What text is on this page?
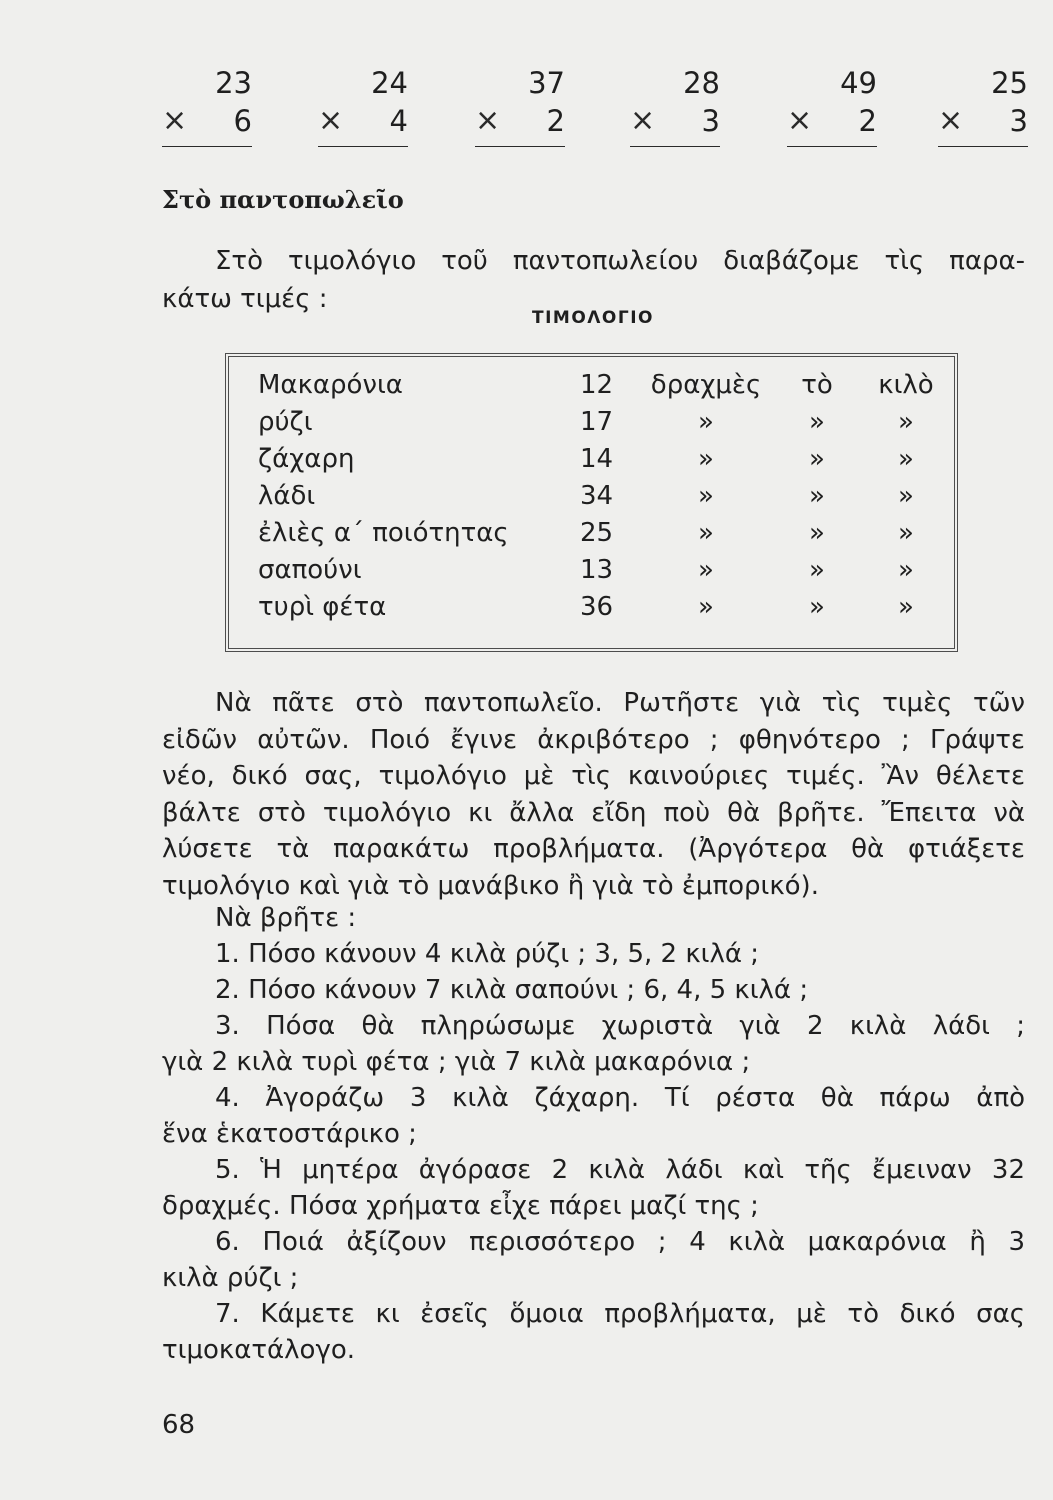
23
× 6
24
× 4
37
× 2
28
× 3
49
× 2
25
× 3
Στὸ παντοπωλεῖο
Στὸ τιμολόγιο τοῦ παντοπωλείου διαβάζομε τὶς παρα-
κάτω τιμές :
ΤΙΜΟΛΟΓΙΟ
Μακαρόνια	12	δραχμὲς	τὸ	κιλὸ
ρύζι	17	»	»	»
ζάχαρη	14	»	»	»
λάδι	34	»	»	»
ἐλιὲς α΄ ποιότητας	25	»	»	»
σαπούνι	13	»	»	»
τυρὶ φέτα	36	»	»	»
Νὰ πᾶτε στὸ παντοπωλεῖο. Ρωτῆστε γιὰ τὶς τιμὲς τῶν
εἰδῶν αὐτῶν. Ποιό ἔγινε ἀκριβότερο ; φθηνότερο ; Γράψτε
νέο, δικό σας, τιμολόγιο μὲ τὶς καινούριες τιμές. Ἂν θέλετε
βάλτε στὸ τιμολόγιο κι ἄλλα εἴδη ποὺ θὰ βρῆτε. Ἔπειτα νὰ
λύσετε τὰ παρακάτω προβλήματα. (Ἀργότερα θὰ φτιάξετε
τιμολόγιο καὶ γιὰ τὸ μανάβικο ἢ γιὰ τὸ ἐμπορικό).
Νὰ βρῆτε :
1. Πόσο κάνουν 4 κιλὰ ρύζι ; 3, 5, 2 κιλά ;
2. Πόσο κάνουν 7 κιλὰ σαπούνι ; 6, 4, 5 κιλά ;
3. Πόσα θὰ πληρώσωμε χωριστὰ γιὰ 2 κιλὰ λάδι ;
γιὰ 2 κιλὰ τυρὶ φέτα ; γιὰ 7 κιλὰ μακαρόνια ;
4. Ἀγοράζω 3 κιλὰ ζάχαρη. Τί ρέστα θὰ πάρω ἀπὸ
ἕνα ἑκατοστάρικο ;
5. Ἡ μητέρα ἀγόρασε 2 κιλὰ λάδι καὶ τῆς ἔμειναν 32
δραχμές. Πόσα χρήματα εἶχε πάρει μαζί της ;
6. Ποιά ἀξίζουν περισσότερο ; 4 κιλὰ μακαρόνια ἢ 3
κιλὰ ρύζι ;
7. Κάμετε κι ἐσεῖς ὅμοια προβλήματα, μὲ τὸ δικό σας
τιμοκατάλογο.
68
